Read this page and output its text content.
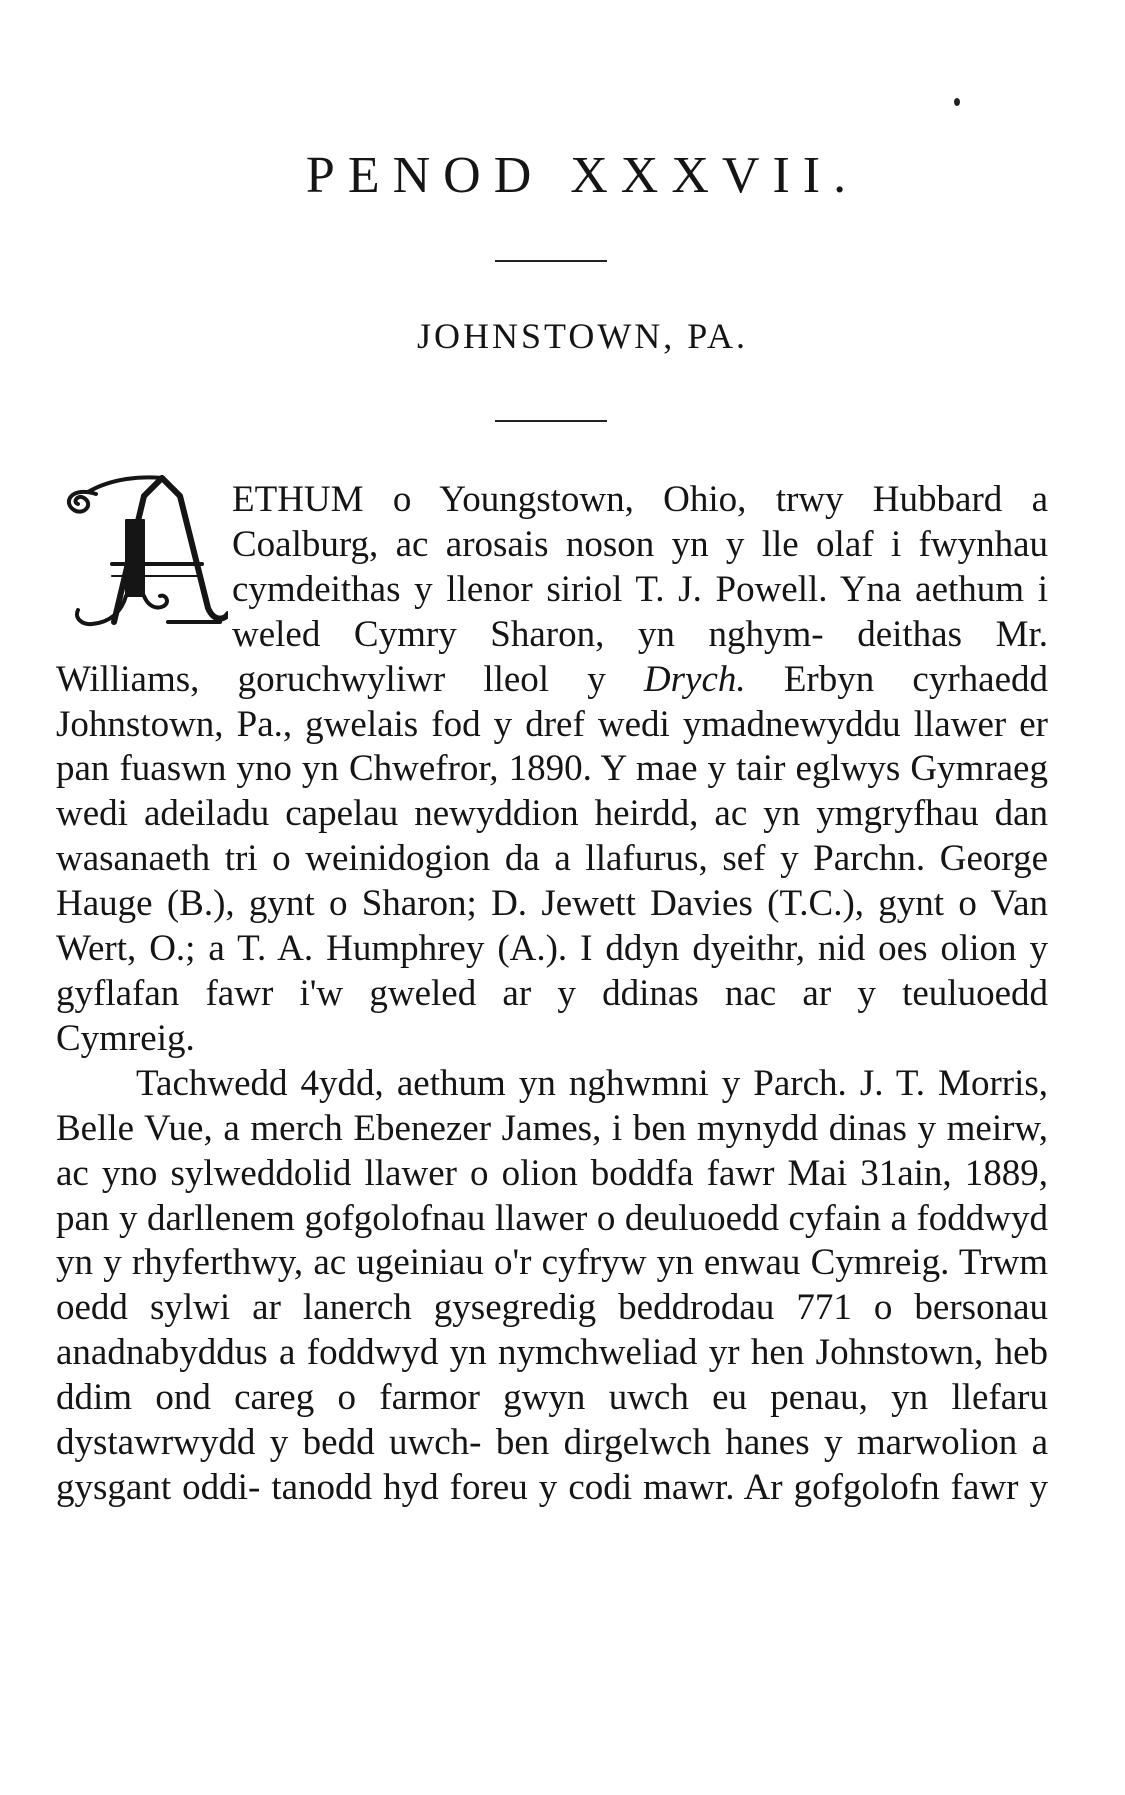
PENOD XXXVII.
JOHNSTOWN, PA.

ETHUM o Youngstown, Ohio, trwy Hubbard a Coalburg, ac arosais noson yn y lle olaf i fwynhau cymdeithas y llenor siriol T. J. Powell. Yna aethum i weled Cymry Sharon, yn nghym- deithas Mr. Williams, goruchwyliwr lleol y Drych. Erbyn cyrhaedd Johnstown, Pa., gwelais fod y dref wedi ymadnewyddu llawer er pan fuaswn yno yn Chwefror, 1890. Y mae y tair eglwys Gymraeg wedi adeiladu capelau newyddion heirdd, ac yn ymgryfhau dan wasanaeth tri o weinidogion da a llafurus, sef y Parchn. George Hauge (B.), gynt o Sharon; D. Jewett Davies (T.C.), gynt o Van Wert, O.; a T. A. Humphrey (A.). I ddyn dyeithr, nid oes olion y gyflafan fawr i'w gweled ar y ddinas nac ar y teuluoedd

Cymreig.

Tachwedd 4ydd, aethum yn nghwmni y Parch. J. T. Morris, Belle Vue, a merch Ebenezer James, i ben mynydd dinas y meirw, ac yno sylweddolid llawer o olion boddfa fawr Mai 31ain, 1889, pan y darllenem gofgolofnau llawer o deuluoedd cyfain a foddwyd yn y rhyferthwy, ac ugeiniau o'r cyfryw yn enwau Cymreig. Trwm oedd sylwi ar lanerch gysegredig beddrodau 771 o bersonau anadnabyddus a foddwyd yn nymchweliad yr hen Johnstown, heb ddim ond careg o farmor gwyn uwch eu penau, yn llefaru dystawrwydd y bedd uwch- ben dirgelwch hanes y marwolion a gysgant oddi- tanodd hyd foreu y codi mawr. Ar gofgolofn fawr y
